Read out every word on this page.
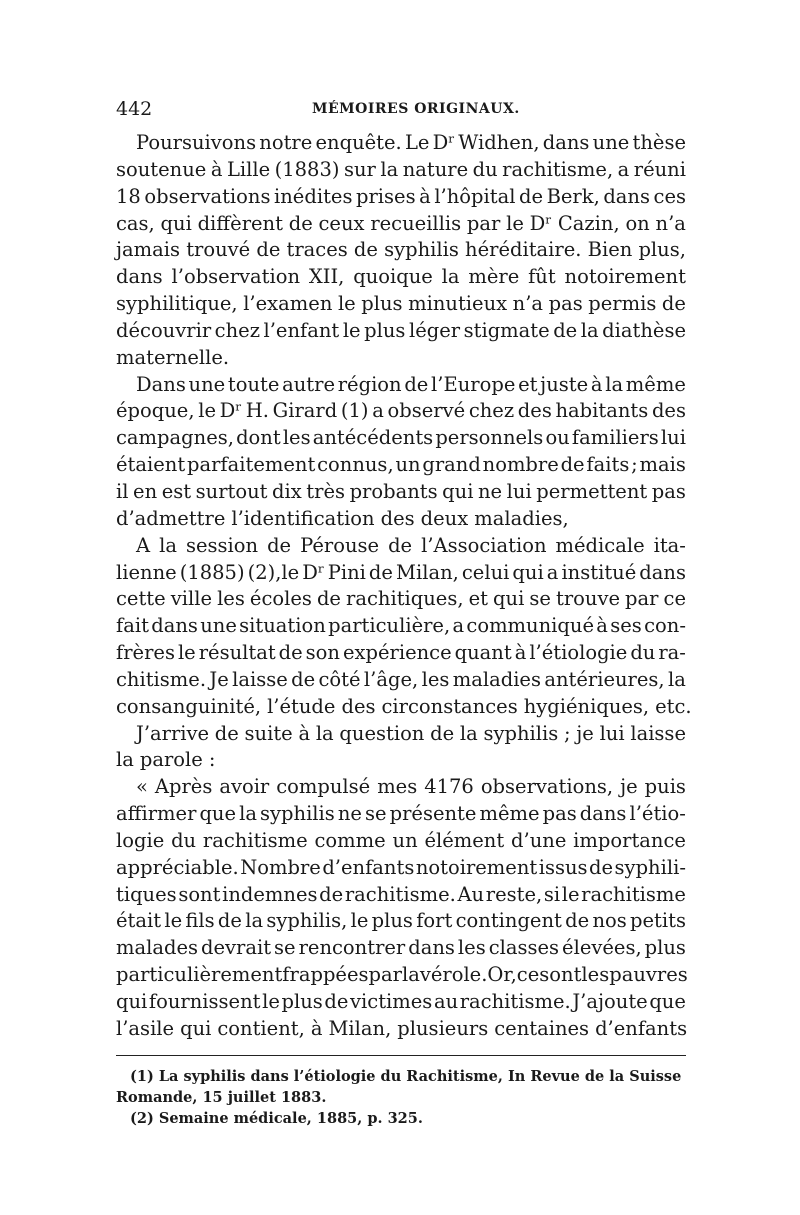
442	MÉMOIRES ORIGINAUX.
Poursuivons notre enquête. Le Dʳ Widhen, dans une thèse
soutenue à Lille (1883) sur la nature du rachitisme, a réuni
18 observations inédites prises à l’hôpital de Berk, dans ces
cas, qui diffèrent de ceux recueillis par le Dʳ Cazin, on n’a
jamais trouvé de traces de syphilis héréditaire. Bien plus,
dans l’observation XII, quoique la mère fût notoirement
syphilitique, l’examen le plus minutieux n’a pas permis de
découvrir chez l’enfant le plus léger stigmate de la diathèse
maternelle.
Dans une toute autre région de l’Europe et juste à la même
époque, le Dʳ H. Girard (1) a observé chez des habitants des
campagnes, dont les antécédents personnels ou familiers lui
étaient parfaitement connus, un grand nombre de faits ; mais
il en est surtout dix très probants qui ne lui permettent pas
d’admettre l’identification des deux maladies,
A la session de Pérouse de l’Association médicale ita-
lienne (1885) (2),le Dʳ Pini de Milan, celui qui a institué dans
cette ville les écoles de rachitiques, et qui se trouve par ce
fait dans une situation particulière, a communiqué à ses con-
frères le résultat de son expérience quant à l’étiologie du ra-
chitisme. Je laisse de côté l’âge, les maladies antérieures, la
consanguinité, l’étude des circonstances hygiéniques, etc.
J’arrive de suite à la question de la syphilis ; je lui laisse
la parole :
« Après avoir compulsé mes 4176 observations, je puis
affirmer que la syphilis ne se présente même pas dans l’étio-
logie du rachitisme comme un élément d’une importance
appréciable. Nombre d’enfants notoirement issus de syphili-
tiques sont indemnes de rachitisme. Au reste, si le rachitisme
était le fils de la syphilis, le plus fort contingent de nos petits
malades devrait se rencontrer dans les classes élevées, plus
particulièrement frappées par la vérole. Or, ce sont les pauvres
qui fournissent le plus de victimes au rachitisme. J’ajoute que
l’asile qui contient, à Milan, plusieurs centaines d’enfants
(1) La syphilis dans l’étiologie du Rachitisme, In Revue de la Suisse
Romande, 15 juillet 1883.
(2) Semaine médicale, 1885, p. 325.
